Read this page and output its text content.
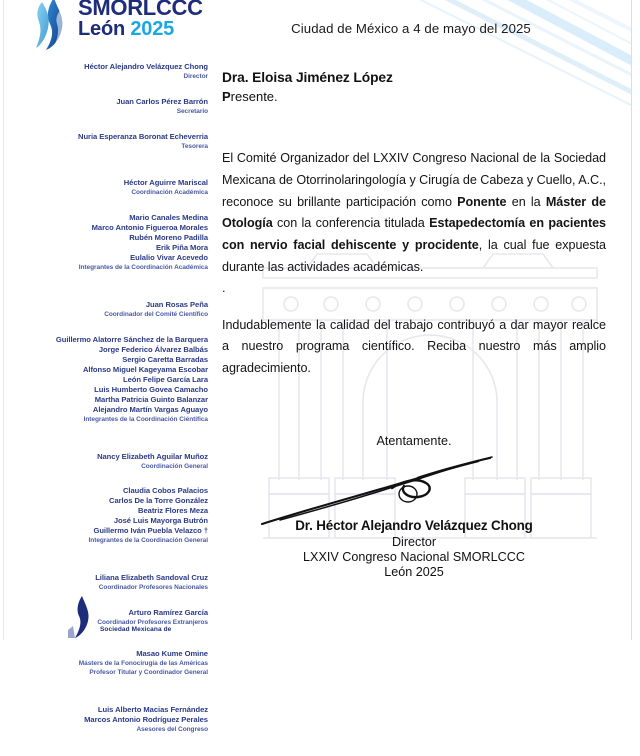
SMORLCCC
León 2025
Héctor Alejandro Velázquez Chong
Director
Juan Carlos Pérez Barrón
Secretario
Nuria Esperanza Boronat Echeverria
Tesorera
Héctor Aguirre Mariscal
Coordinación Académica
Mario Canales Medina
Marco Antonio Figueroa Morales
Rubén Moreno Padilla
Erik Piña Mora
Eulalio Vivar Acevedo
Integrantes de la Coordinación Académica
Juan Rosas Peña
Coordinador del Comité Científico
Guillermo Alatorre Sánchez de la Barquera
Jorge Federico Álvarez Balbás
Sergio Caretta Barradas
Alfonso Miguel Kageyama Escobar
León Felipe García Lara
Luis Humberto Govea Camacho
Martha Patricia Guinto Balanzar
Alejandro Martín Vargas Aguayo
Integrantes de la Coordinación Ciéntifica
Nancy Elizabeth Aguilar Muñoz
Coordinación General
Claudia Cobos Palacios
Carlos De la Torre González
Beatriz Flores Meza
José Luis Mayorga Butrón
Guillermo Iván Puebla Velazco †
Integrantes de la Coordinación General
Liliana Elizabeth Sandoval Cruz
Coordinador Profesores Nacionales
Arturo Ramírez García
Coordinador Profesores Extranjeros
Masao Kume Omine
Másters de la Fonocirugía de las Américas
Profesor Titular y Coordinador General
Luis Alberto Macias Fernández
Marcos Antonio Rodríguez Perales
Asesores del Congreso
Sociedad Mexicana de
Ciudad de México a 4 de mayo del 2025
Dra. Eloisa Jiménez López
Presente.
El Comité Organizador del LXXIV Congreso Nacional de la Sociedad Mexicana de Otorrinolaringología y Cirugía de Cabeza y Cuello, A.C., reconoce su brillante participación como Ponente en la Máster de Otología con la conferencia titulada Estapedectomía en pacientes con nervio facial dehiscente y procidente, la cual fue expuesta durante las actividades académicas.
.
Indudablemente la calidad del trabajo contribuyó a dar mayor realce a nuestro programa científico. Reciba nuestro más amplio agradecimiento.
Atentamente.
Dr. Héctor Alejandro Velázquez Chong
Director
LXXIV Congreso Nacional SMORLCCC
León 2025
